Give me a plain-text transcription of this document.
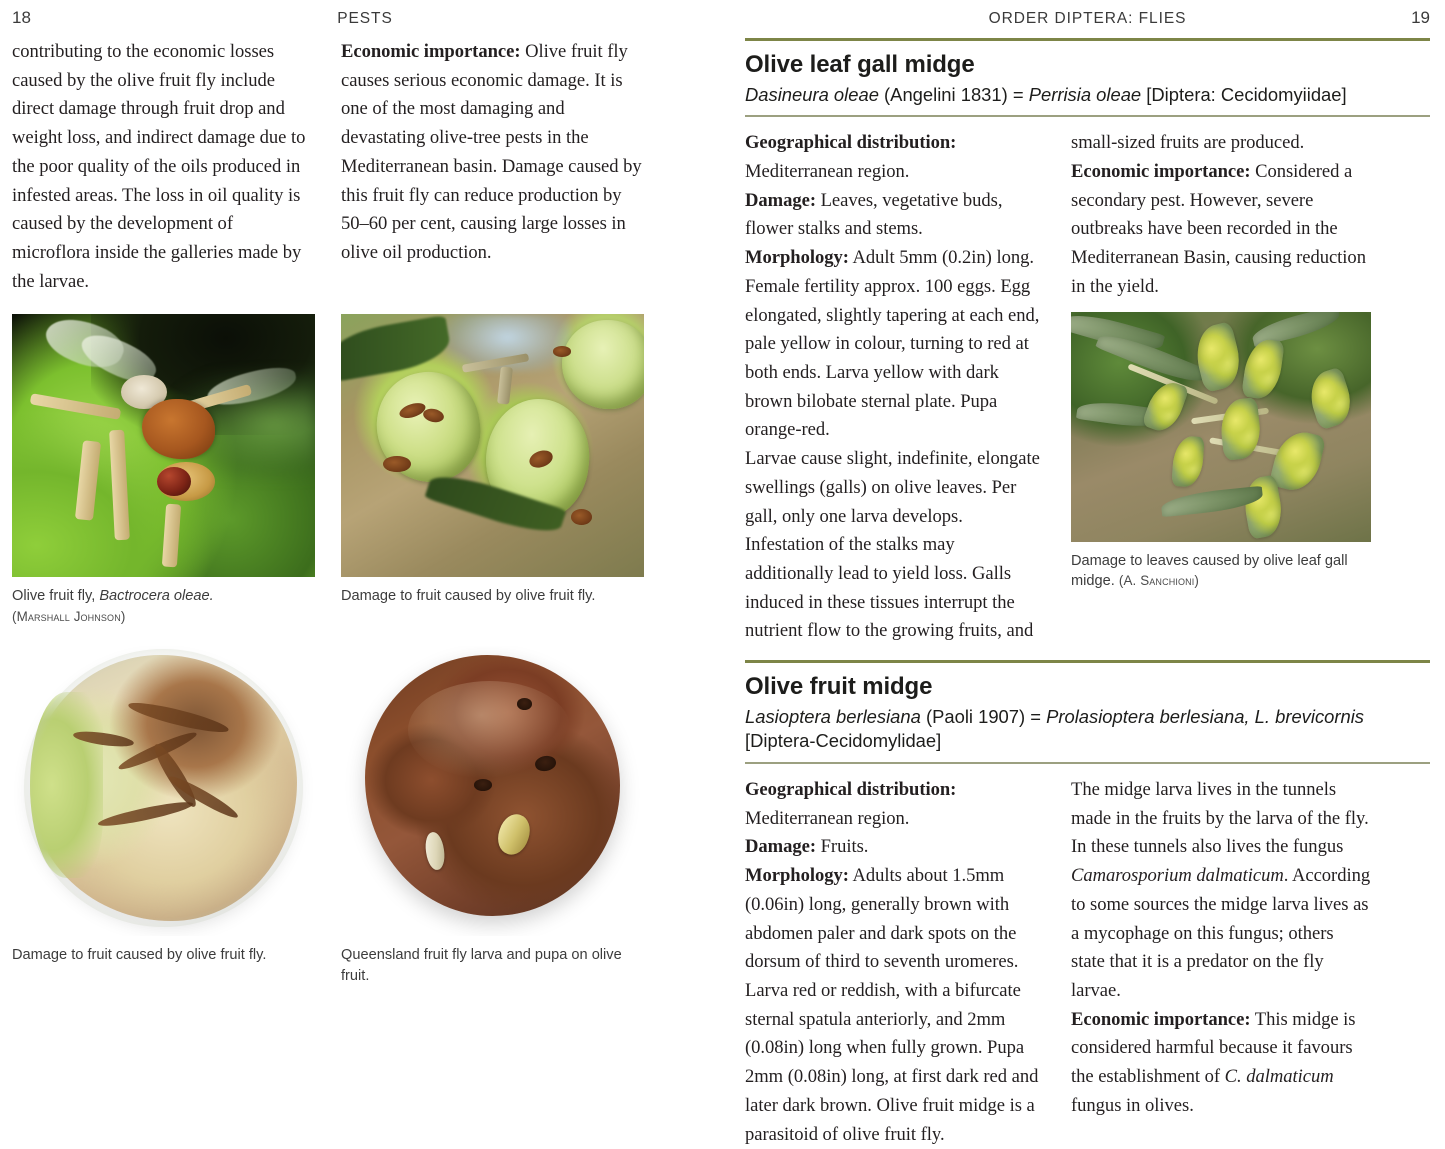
18	PESTS

contributing to the economic losses caused by the olive fruit fly include direct damage through fruit drop and weight loss, and indirect damage due to the poor quality of the oils produced in infested areas. The loss in oil quality is caused by the development of microflora inside the galleries made by the larvae.

Economic importance: Olive fruit fly causes serious economic damage. It is one of the most damaging and devastating olive-tree pests in the Mediterranean basin. Damage caused by this fruit fly can reduce production by 50–60 per cent, causing large losses in olive oil production.

Olive fruit fly, Bactrocera oleae.
(Marshall Johnson)
Damage to fruit caused by olive fruit fly.
Damage to fruit caused by olive fruit fly.	Queensland fruit fly larva and pupa on olive fruit.
ORDER DIPTERA: FLIES	19
Olive leaf gall midge
Dasineura oleae (Angelini 1831) = Perrisia oleae [Diptera: Cecidomyiidae]

Geographical distribution: Mediterranean region.

Damage: Leaves, vegetative buds, flower stalks and stems.

Morphology: Adult 5mm (0.2in) long. Female fertility approx. 100 eggs. Egg elongated, slightly tapering at each end, pale yellow in colour, turning to red at both ends. Larva yellow with dark brown bilobate sternal plate. Pupa orange-red.

Larvae cause slight, indefinite, elongate swellings (galls) on olive leaves. Per gall, only one larva develops. Infestation of the stalks may additionally lead to yield loss. Galls induced in these tissues interrupt the nutrient flow to the growing fruits, and

small-sized fruits are produced.

Economic importance: Considered a secondary pest. However, severe outbreaks have been recorded in the Mediterranean Basin, causing reduction in the yield.

Damage to leaves caused by olive leaf gall midge. (A. Sanchioni)
Olive fruit midge
Lasioptera berlesiana (Paoli 1907) = Prolasioptera berlesiana, L. brevicornis [Diptera-Cecidomylidae]

Geographical distribution: Mediterranean region.

Damage: Fruits.

Morphology: Adults about 1.5mm (0.06in) long, generally brown with abdomen paler and dark spots on the dorsum of third to seventh uromeres.

Larva red or reddish, with a bifurcate sternal spatula anteriorly, and 2mm (0.08in) long when fully grown. Pupa 2mm (0.08in) long, at first dark red and later dark brown. Olive fruit midge is a parasitoid of olive fruit fly.

The midge larva lives in the tunnels made in the fruits by the larva of the fly. In these tunnels also lives the fungus Camarosporium dalmaticum. According to some sources the midge larva lives as a mycophage on this fungus; others state that it is a predator on the fly larvae.

Economic importance: This midge is considered harmful because it favours the establishment of C. dalmaticum fungus in olives.
